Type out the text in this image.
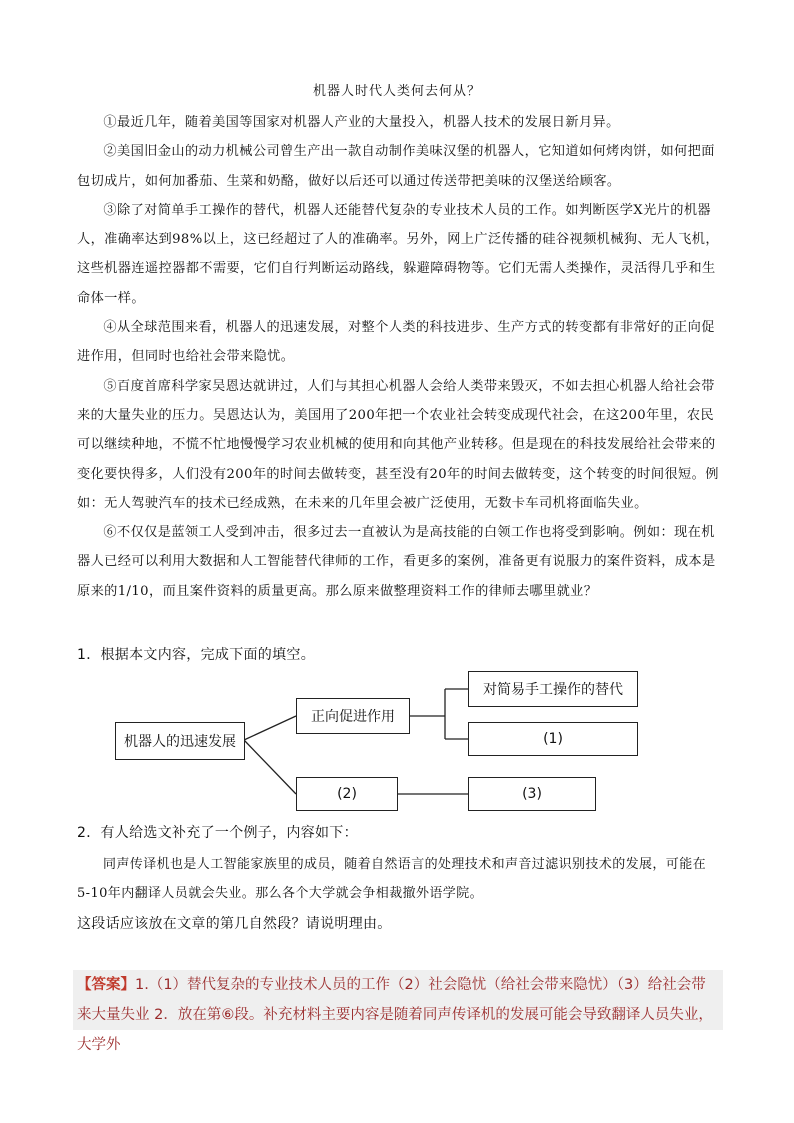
机器人时代人类何去何从？

①最近几年，随着美国等国家对机器人产业的大量投入，机器人技术的发展日新月异。

②美国旧金山的动力机械公司曾生产出一款自动制作美味汉堡的机器人，它知道如何烤肉饼，如何把面包切成片，如何加番茄、生菜和奶酪，做好以后还可以通过传送带把美味的汉堡送给顾客。

③除了对简单手工操作的替代，机器人还能替代复杂的专业技术人员的工作。如判断医学X光片的机器人，准确率达到98%以上，这已经超过了人的准确率。另外，网上广泛传播的硅谷视频机械狗、无人飞机，这些机器连遥控器都不需要，它们自行判断运动路线，躲避障碍物等。它们无需人类操作，灵活得几乎和生命体一样。

④从全球范围来看，机器人的迅速发展，对整个人类的科技进步、生产方式的转变都有非常好的正向促进作用，但同时也给社会带来隐忧。

⑤百度首席科学家吴恩达就讲过，人们与其担心机器人会给人类带来毁灭，不如去担心机器人给社会带来的大量失业的压力。吴恩达认为，美国用了200年把一个农业社会转变成现代社会，在这200年里，农民可以继续种地，不慌不忙地慢慢学习农业机械的使用和向其他产业转移。但是现在的科技发展给社会带来的变化要快得多，人们没有200年的时间去做转变，甚至没有20年的时间去做转变，这个转变的时间很短。例如：无人驾驶汽车的技术已经成熟，在未来的几年里会被广泛使用，无数卡车司机将面临失业。

⑥不仅仅是蓝领工人受到冲击，很多过去一直被认为是高技能的白领工作也将受到影响。例如：现在机器人已经可以利用大数据和人工智能替代律师的工作，看更多的案例，准备更有说服力的案件资料，成本是原来的1/10，而且案件资料的质量更高。那么原来做整理资料工作的律师去哪里就业？

1．根据本文内容，完成下面的填空。
机器人的迅速发展
正向促进作用
对简易手工操作的替代
(1)
(2)	(3)
2．有人给选文补充了一个例子，内容如下：
同声传译机也是人工智能家族里的成员，随着自然语言的处理技术和声音过滤识别技术的发展，可能在5-10年内翻译人员就会失业。那么各个大学就会争相裁撤外语学院。
这段话应该放在文章的第几自然段？请说明理由。
【答案】1.（1）替代复杂的专业技术人员的工作（2）社会隐忧（给社会带来隐忧）（3）给社会带来大量失业 2．放在第⑥段。补充材料主要内容是随着同声传译机的发展可能会导致翻译人员失业，大学外
